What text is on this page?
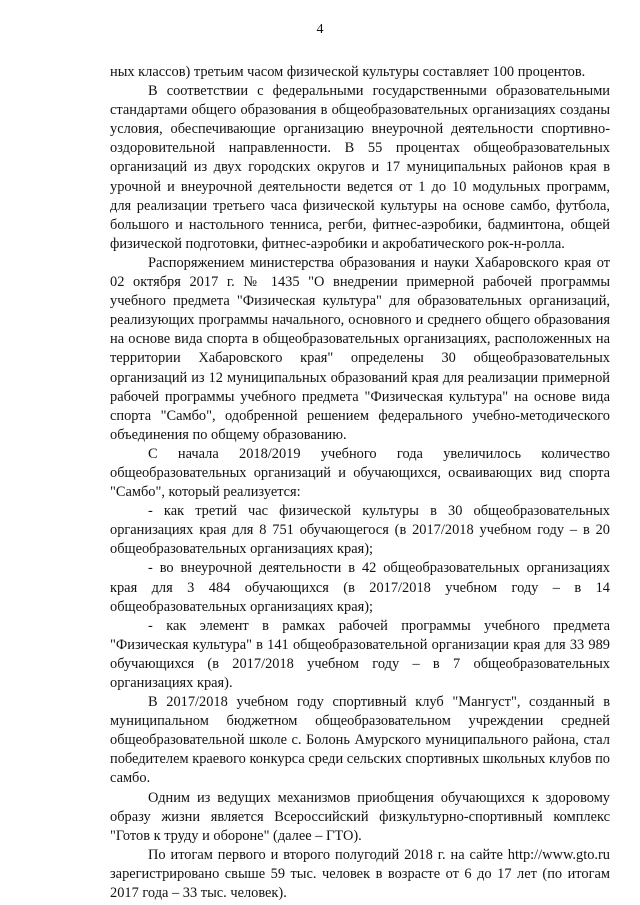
4

ных классов) третьим часом физической культуры составляет 100 процентов.

В соответствии с федеральными государственными образовательными стандартами общего образования в общеобразовательных организациях созданы условия, обеспечивающие организацию внеурочной деятельности спортивно-оздоровительной направленности. В 55 процентах общеобразовательных организаций из двух городских округов и 17 муниципальных районов края в урочной и внеурочной деятельности ведется от 1 до 10 модульных программ, для реализации третьего часа физической культуры на основе самбо, футбола, большого и настольного тенниса, регби, фитнес-аэробики, бадминтона, общей физической подготовки, фитнес-аэробики и акробатического рок-н-ролла.

Распоряжением министерства образования и науки Хабаровского края от 02 октября 2017 г. № 1435 "О внедрении примерной рабочей программы учебного предмета "Физическая культура" для образовательных организаций, реализующих программы начального, основного и среднего общего образования на основе вида спорта в общеобразовательных организациях, расположенных на территории Хабаровского края" определены 30 общеобразовательных организаций из 12 муниципальных образований края для реализации примерной рабочей программы учебного предмета "Физическая культура" на основе вида спорта "Самбо", одобренной решением федерального учебно-методического объединения по общему образованию.

С начала 2018/2019 учебного года увеличилось количество общеобразовательных организаций и обучающихся, осваивающих вид спорта "Самбо", который реализуется:

- как третий час физической культуры в 30 общеобразовательных организациях края для 8 751 обучающегося (в 2017/2018 учебном году – в 20 общеобразовательных организациях края);

- во внеурочной деятельности в 42 общеобразовательных организациях края для 3 484 обучающихся (в 2017/2018 учебном году – в 14 общеобразовательных организациях края);

- как элемент в рамках рабочей программы учебного предмета "Физическая культура" в 141 общеобразовательной организации края для 33 989 обучающихся (в 2017/2018 учебном году – в 7 общеобразовательных организациях края).

В 2017/2018 учебном году спортивный клуб "Мангуст", созданный в муниципальном бюджетном общеобразовательном учреждении средней общеобразовательной школе с. Болонь Амурского муниципального района, стал победителем краевого конкурса среди сельских спортивных школьных клубов по самбо.

Одним из ведущих механизмов приобщения обучающихся к здоровому образу жизни является Всероссийский физкультурно-спортивный комплекс "Готов к труду и обороне" (далее – ГТО).

По итогам первого и второго полугодий 2018 г. на сайте http://www.gto.ru зарегистрировано свыше 59 тыс. человек в возрасте от 6 до 17 лет (по итогам 2017 года – 33 тыс. человек).
